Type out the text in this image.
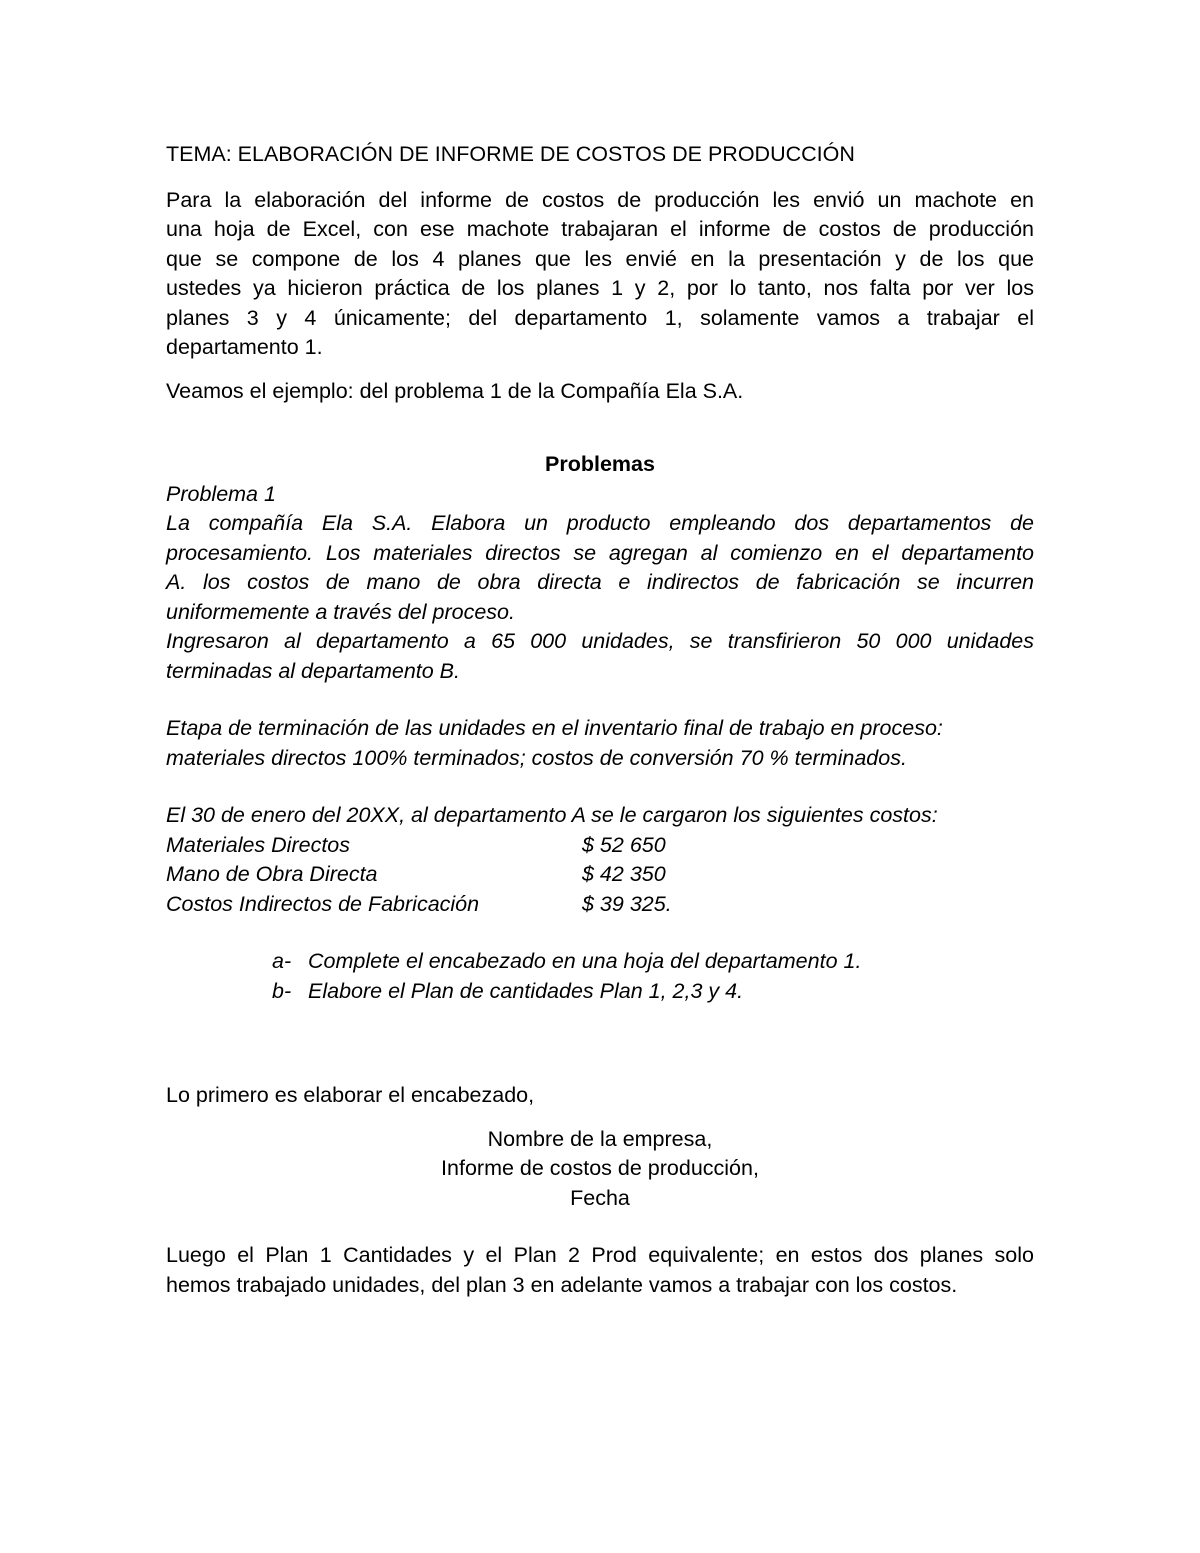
TEMA: ELABORACIÓN DE INFORME DE COSTOS DE PRODUCCIÓN
Para la elaboración del informe de costos de producción les envió un machote en
una hoja de Excel, con ese machote trabajaran el informe de costos de producción
que se compone de los 4 planes que les envié en la presentación y de los que
ustedes ya hicieron práctica de los planes 1 y 2, por lo tanto, nos falta por ver los
planes 3 y 4 únicamente; del departamento 1, solamente vamos a trabajar el
departamento 1.
Veamos el ejemplo: del problema 1 de la Compañía Ela S.A.
Problemas
Problema 1
La compañía Ela S.A. Elabora un producto empleando dos departamentos de
procesamiento. Los materiales directos se agregan al comienzo en el departamento
A. los costos de mano de obra directa e indirectos de fabricación se incurren
uniformemente a través del proceso.
Ingresaron al departamento a 65 000 unidades, se transfirieron 50 000 unidades
terminadas al departamento B.
Etapa de terminación de las unidades en el inventario final de trabajo en proceso:
materiales directos 100% terminados; costos de conversión 70 % terminados.
El 30 de enero del 20XX, al departamento A se le cargaron los siguientes costos:
Materiales Directos	$ 52 650
Mano de Obra Directa	$ 42 350
Costos Indirectos de Fabricación	$ 39 325.
a- Complete el encabezado en una hoja del departamento 1.
b- Elabore el Plan de cantidades Plan 1, 2,3 y 4.
Lo primero es elaborar el encabezado,
Nombre de la empresa,
Informe de costos de producción,
Fecha
Luego el Plan 1 Cantidades y el Plan 2 Prod equivalente; en estos dos planes solo
hemos trabajado unidades, del plan 3 en adelante vamos a trabajar con los costos.
